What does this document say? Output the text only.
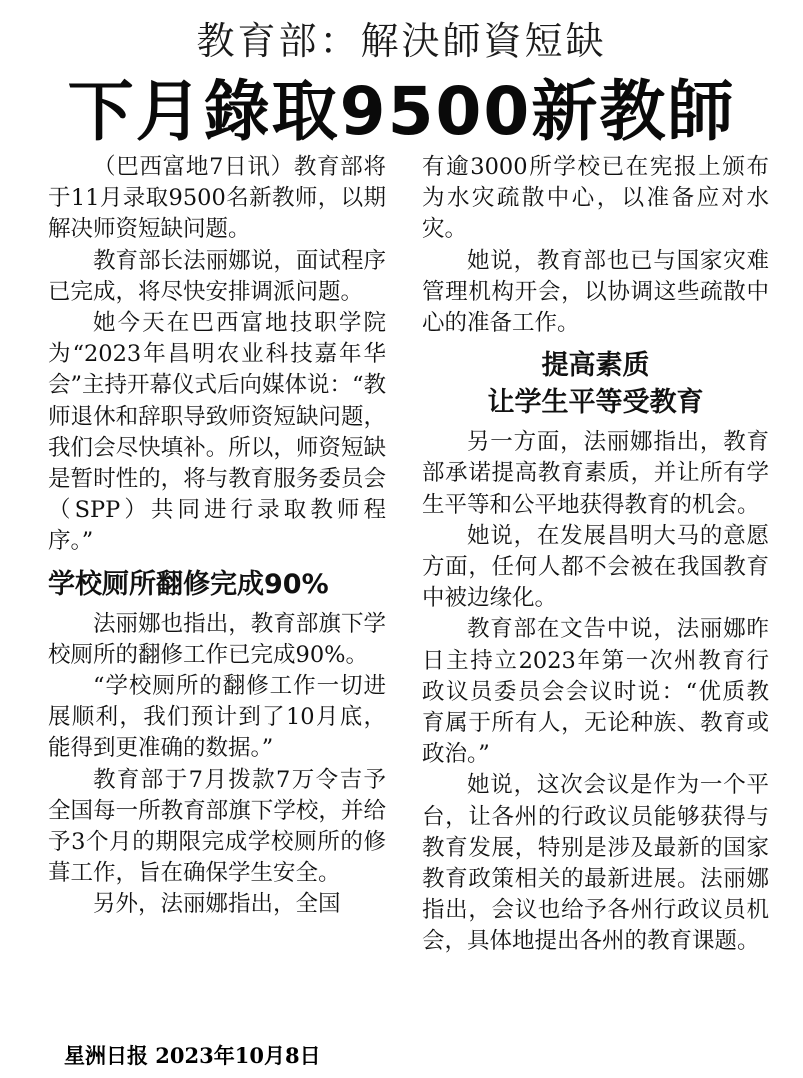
教育部：解決師資短缺
下月錄取9500新教師

（巴西富地7日讯）教育部将于11月录取9500名新教师，以期解决师资短缺问题。

教育部长法丽娜说，面试程序已完成，将尽快安排调派问题。

她今天在巴西富地技职学院为“2023年昌明农业科技嘉年华会”主持开幕仪式后向媒体说：“教师退休和辞职导致师资短缺问题，我们会尽快填补。所以，师资短缺是暂时性的，将与教育服务委员会（SPP）共同进行录取教师程序。”

学校厕所翻修完成90%

法丽娜也指出，教育部旗下学校厕所的翻修工作已完成90%。

“学校厕所的翻修工作一切进展顺利，我们预计到了10月底，能得到更准确的数据。”

教育部于7月拨款7万令吉予全国每一所教育部旗下学校，并给予3个月的期限完成学校厕所的修葺工作，旨在确保学生安全。

另外，法丽娜指出，全国

有逾3000所学校已在宪报上颁布为水灾疏散中心，以准备应对水灾。

她说，教育部也已与国家灾难管理机构开会，以协调这些疏散中心的准备工作。

提高素质
让学生平等受教育

另一方面，法丽娜指出，教育部承诺提高教育素质，并让所有学生平等和公平地获得教育的机会。

她说，在发展昌明大马的意愿方面，任何人都不会被在我国教育中被边缘化。

教育部在文告中说，法丽娜昨日主持立2023年第一次州教育行政议员委员会会议时说：“优质教育属于所有人，无论种族、教育或政治。”

她说，这次会议是作为一个平台，让各州的行政议员能够获得与教育发展，特别是涉及最新的国家教育政策相关的最新进展。法丽娜指出，会议也给予各州行政议员机会，具体地提出各州的教育课题。

星洲日报 2023年10月8日
